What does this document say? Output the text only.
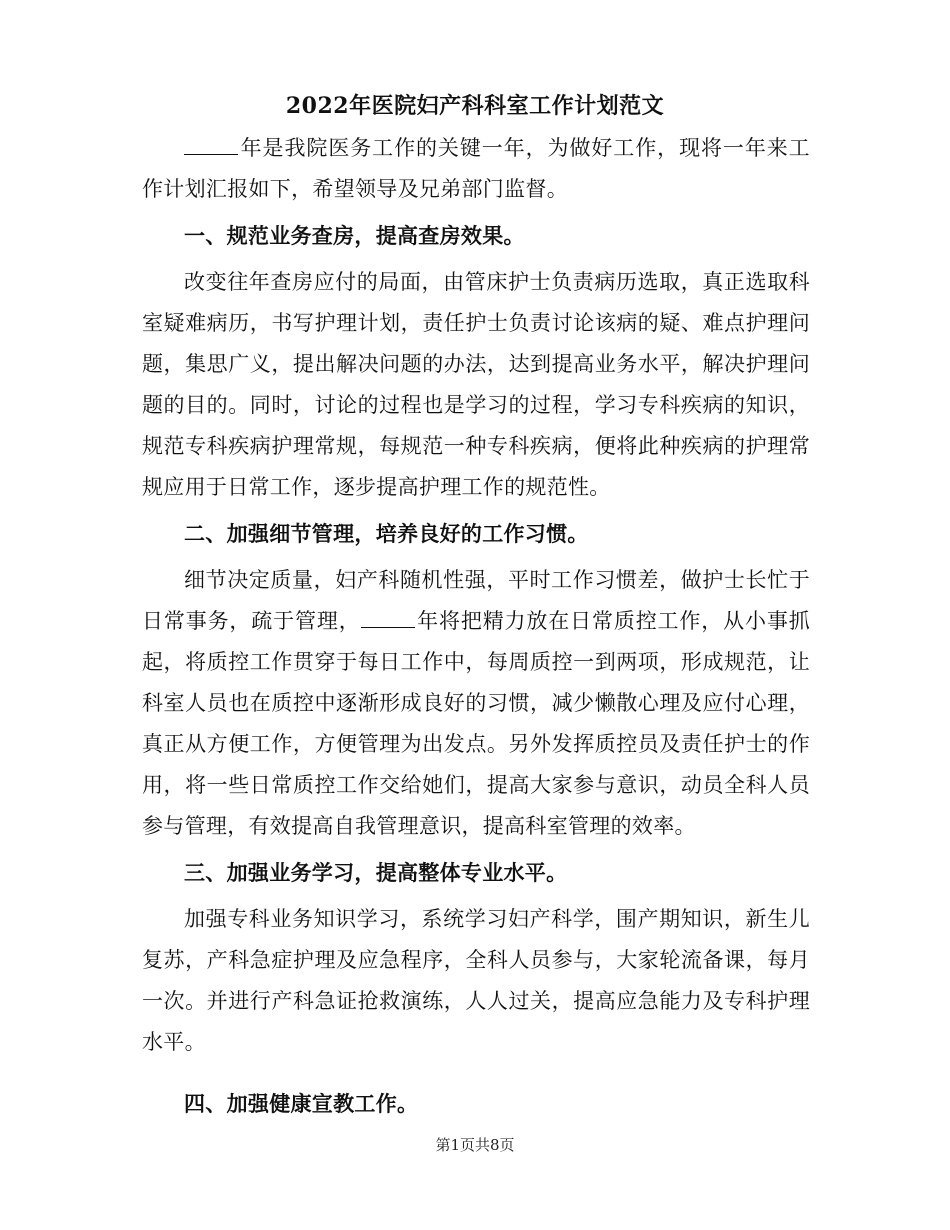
2022年医院妇产科科室工作计划范文

年是我院医务工作的关键一年，为做好工作，现将一年来工作计划汇报如下，希望领导及兄弟部门监督。

一、规范业务查房，提高查房效果。

改变往年查房应付的局面，由管床护士负责病历选取，真正选取科室疑难病历，书写护理计划，责任护士负责讨论该病的疑、难点护理问题，集思广义，提出解决问题的办法，达到提高业务水平，解决护理问题的目的。同时，讨论的过程也是学习的过程，学习专科疾病的知识，规范专科疾病护理常规，每规范一种专科疾病，便将此种疾病的护理常规应用于日常工作，逐步提高护理工作的规范性。

二、加强细节管理，培养良好的工作习惯。

细节决定质量，妇产科随机性强，平时工作习惯差，做护士长忙于日常事务，疏于管理，	年将把精力放在日常质控工作，从小事抓起，将质控工作贯穿于每日工作中，每周质控一到两项，形成规范，让科室人员也在质控中逐渐形成良好的习惯，减少懒散心理及应付心理，真正从方便工作，方便管理为出发点。另外发挥质控员及责任护士的作用，将一些日常质控工作交给她们，提高大家参与意识，动员全科人员参与管理，有效提高自我管理意识，提高科室管理的效率。

三、加强业务学习，提高整体专业水平。

加强专科业务知识学习，系统学习妇产科学，围产期知识，新生儿复苏，产科急症护理及应急程序，全科人员参与，大家轮流备课，每月一次。并进行产科急证抢救演练，人人过关，提高应急能力及专科护理水平。

四、加强健康宣教工作。

第1页共8页
